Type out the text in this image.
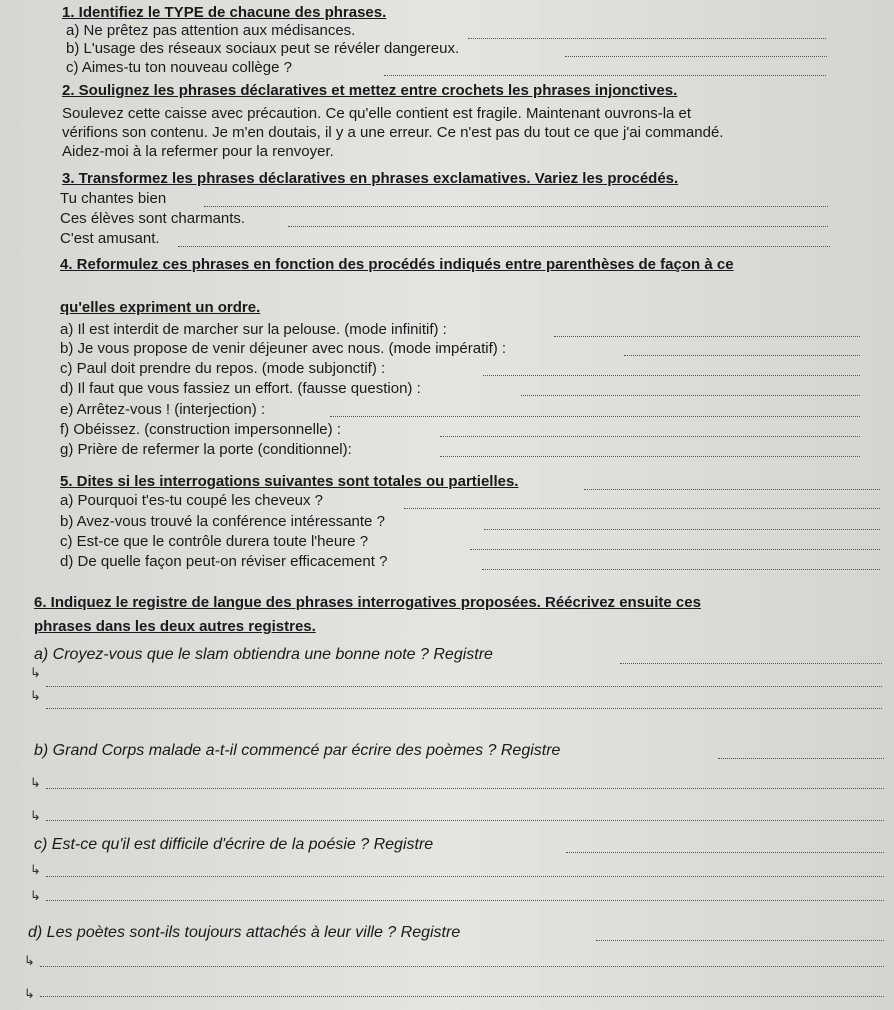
1. Identifiez le TYPE de chacune des phrases.
a) Ne prêtez pas attention aux médisances.
b) L'usage des réseaux sociaux peut se révéler dangereux.
c) Aimes-tu ton nouveau collège ?
2. Soulignez les phrases déclaratives et mettez entre crochets les phrases injonctives.
Soulevez cette caisse avec précaution. Ce qu'elle contient est fragile. Maintenant ouvrons-la et
vérifions son contenu. Je m'en doutais, il y a une erreur. Ce n'est pas du tout ce que j'ai commandé.
Aidez-moi à la refermer pour la renvoyer.
3. Transformez les phrases déclaratives en phrases exclamatives. Variez les procédés.
Tu chantes bien
Ces élèves sont charmants.
C'est amusant.
4. Reformulez ces phrases en fonction des procédés indiqués entre parenthèses de façon à ce
qu'elles expriment un ordre.
a) Il est interdit de marcher sur la pelouse. (mode infinitif) :
b) Je vous propose de venir déjeuner avec nous. (mode impératif) :
c) Paul doit prendre du repos. (mode subjonctif) :
d) Il faut que vous fassiez un effort. (fausse question) :
e) Arrêtez-vous ! (interjection) :
f) Obéissez. (construction impersonnelle) :
g) Prière de refermer la porte (conditionnel):
5. Dites si les interrogations suivantes sont totales ou partielles.
a) Pourquoi t'es-tu coupé les cheveux ?
b) Avez-vous trouvé la conférence intéressante ?
c) Est-ce que le contrôle durera toute l'heure ?
d) De quelle façon peut-on réviser efficacement ?
6. Indiquez le registre de langue des phrases interrogatives proposées. Réécrivez ensuite ces
phrases dans les deux autres registres.
a) Croyez-vous que le slam obtiendra une bonne note ? Registre
↳
↳
b) Grand Corps malade a-t-il commencé par écrire des poèmes ? Registre
↳
↳
c) Est-ce qu'il est difficile d'écrire de la poésie ? Registre
↳
↳
d) Les poètes sont-ils toujours attachés à leur ville ? Registre
↳
↳
